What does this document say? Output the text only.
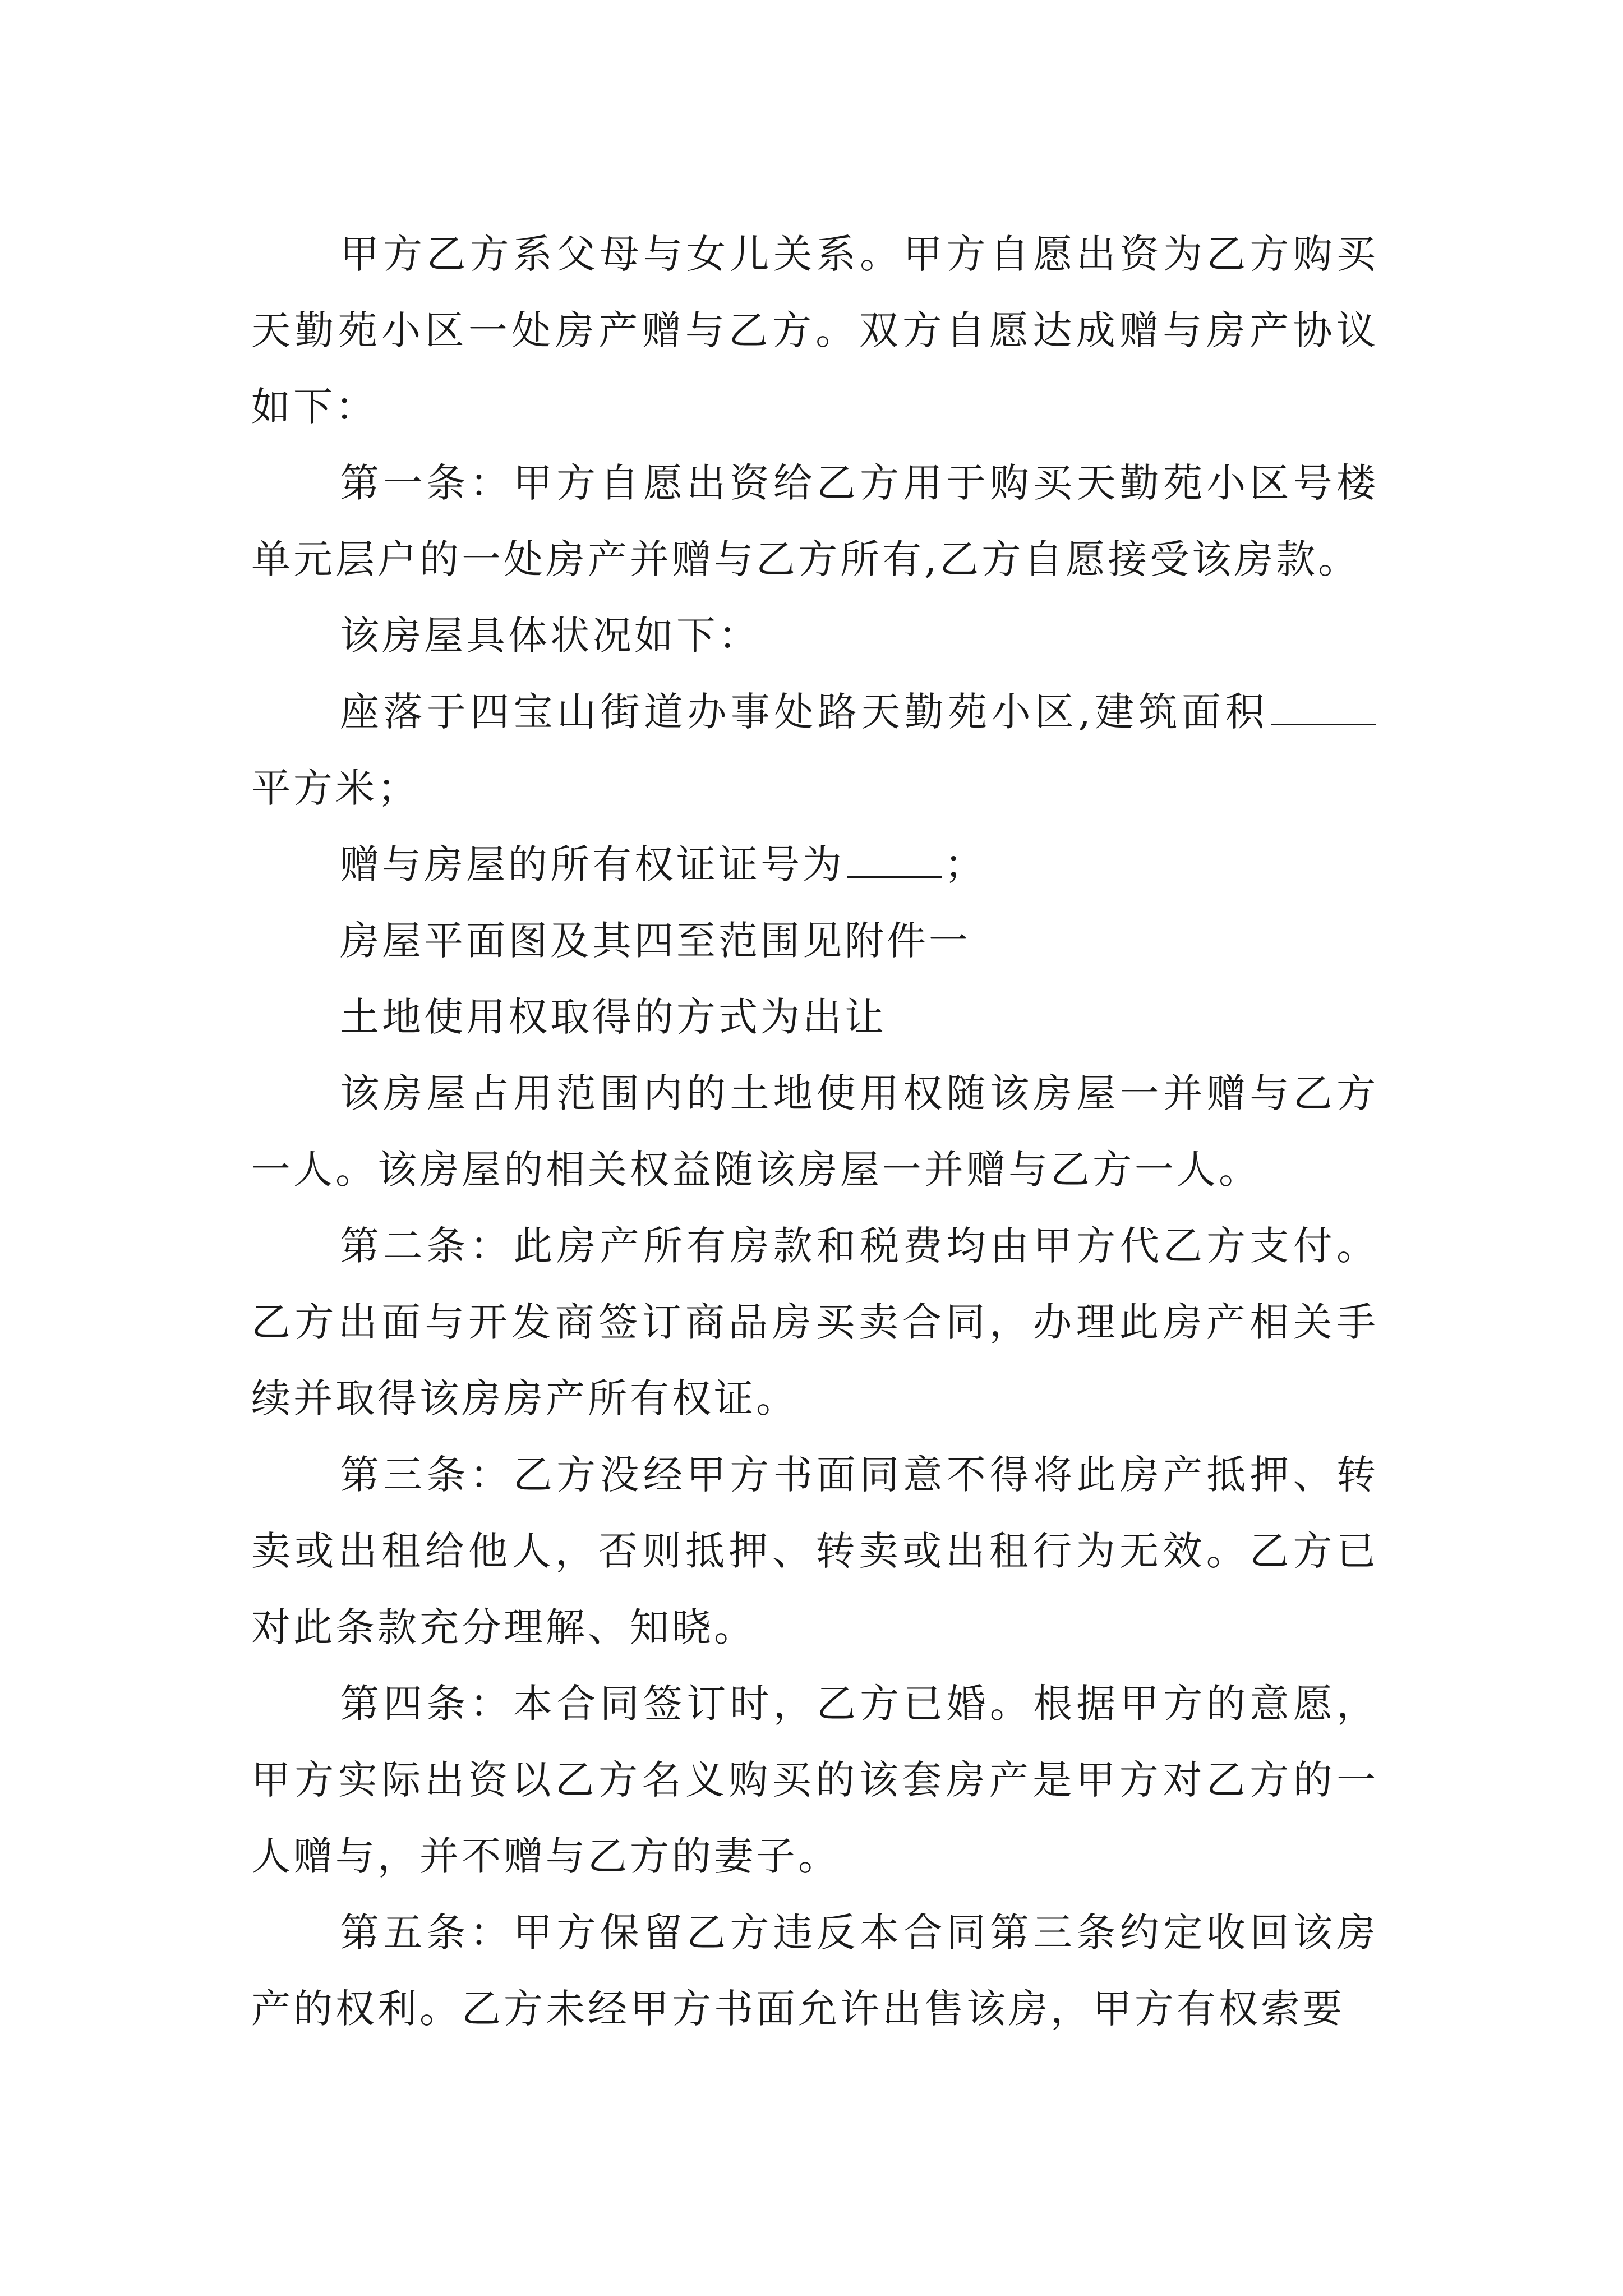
甲方乙方系父母与女儿关系。甲方自愿出资为乙方购买天勤苑小区一处房产赠与乙方。双方自愿达成赠与房产协议如下：

第一条：甲方自愿出资给乙方用于购买天勤苑小区号楼单元层户的一处房产并赠与乙方所有,乙方自愿接受该房款。

该房屋具体状况如下：

座落于四宝山街道办事处路天勤苑小区,建筑面积平方米；

赠与房屋的所有权证证号为	；

房屋平面图及其四至范围见附件一

土地使用权取得的方式为出让

该房屋占用范围内的土地使用权随该房屋一并赠与乙方一人。该房屋的相关权益随该房屋一并赠与乙方一人。

第二条：此房产所有房款和税费均由甲方代乙方支付。乙方出面与开发商签订商品房买卖合同，办理此房产相关手续并取得该房房产所有权证。

第三条：乙方没经甲方书面同意不得将此房产抵押、转卖或出租给他人，否则抵押、转卖或出租行为无效。乙方已对此条款充分理解、知晓。

第四条：本合同签订时，乙方已婚。根据甲方的意愿，甲方实际出资以乙方名义购买的该套房产是甲方对乙方的一人赠与，并不赠与乙方的妻子。

第五条：甲方保留乙方违反本合同第三条约定收回该房产的权利。乙方未经甲方书面允许出售该房，甲方有权索要
